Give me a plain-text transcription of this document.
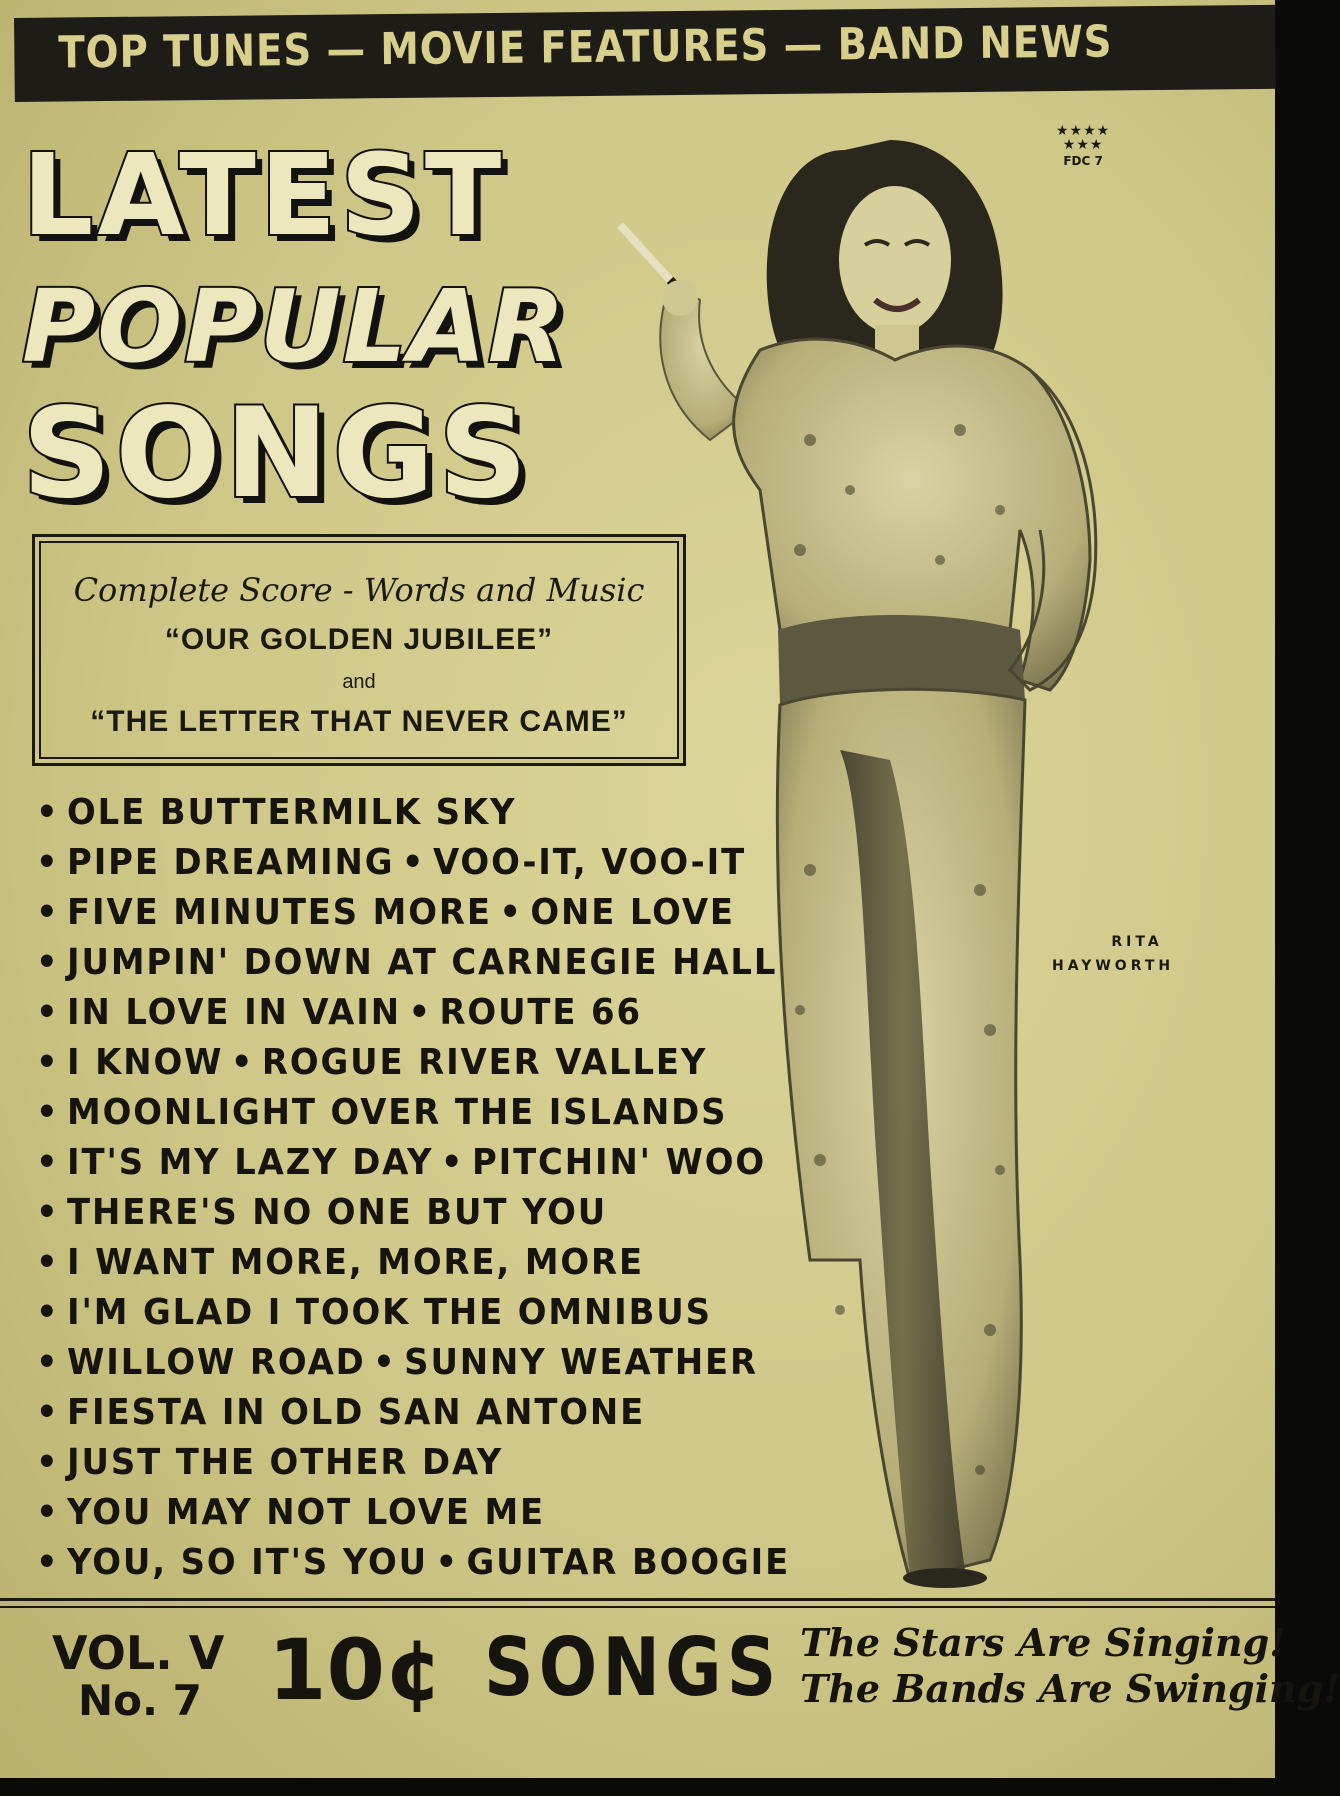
TOP TUNES — MOVIE FEATURES — BAND NEWS
LATEST
POPULAR
SONGS
Complete Score - Words and Music
“OUR GOLDEN JUBILEE”
and
“THE LETTER THAT NEVER CAME”
• OLE BUTTERMILK SKY
• PIPE DREAMING • VOO-IT, VOO-IT
• FIVE MINUTES MORE • ONE LOVE
• JUMPIN' DOWN AT CARNEGIE HALL
• IN LOVE IN VAIN • ROUTE 66
• I KNOW • ROGUE RIVER VALLEY
• MOONLIGHT OVER THE ISLANDS
• IT'S MY LAZY DAY • PITCHIN' WOO
• THERE'S NO ONE BUT YOU
• I WANT MORE, MORE, MORE
• I'M GLAD I TOOK THE OMNIBUS
• WILLOW ROAD • SUNNY WEATHER
• FIESTA IN OLD SAN ANTONE
• JUST THE OTHER DAY
• YOU MAY NOT LOVE ME
• YOU, SO IT'S YOU • GUITAR BOOGIE
★★★★
★★★
FDC 7
RITA
HAYWORTH
VOL. V
No. 7 10¢ SONGS The Stars Are Singing!
The Bands Are Swinging!
